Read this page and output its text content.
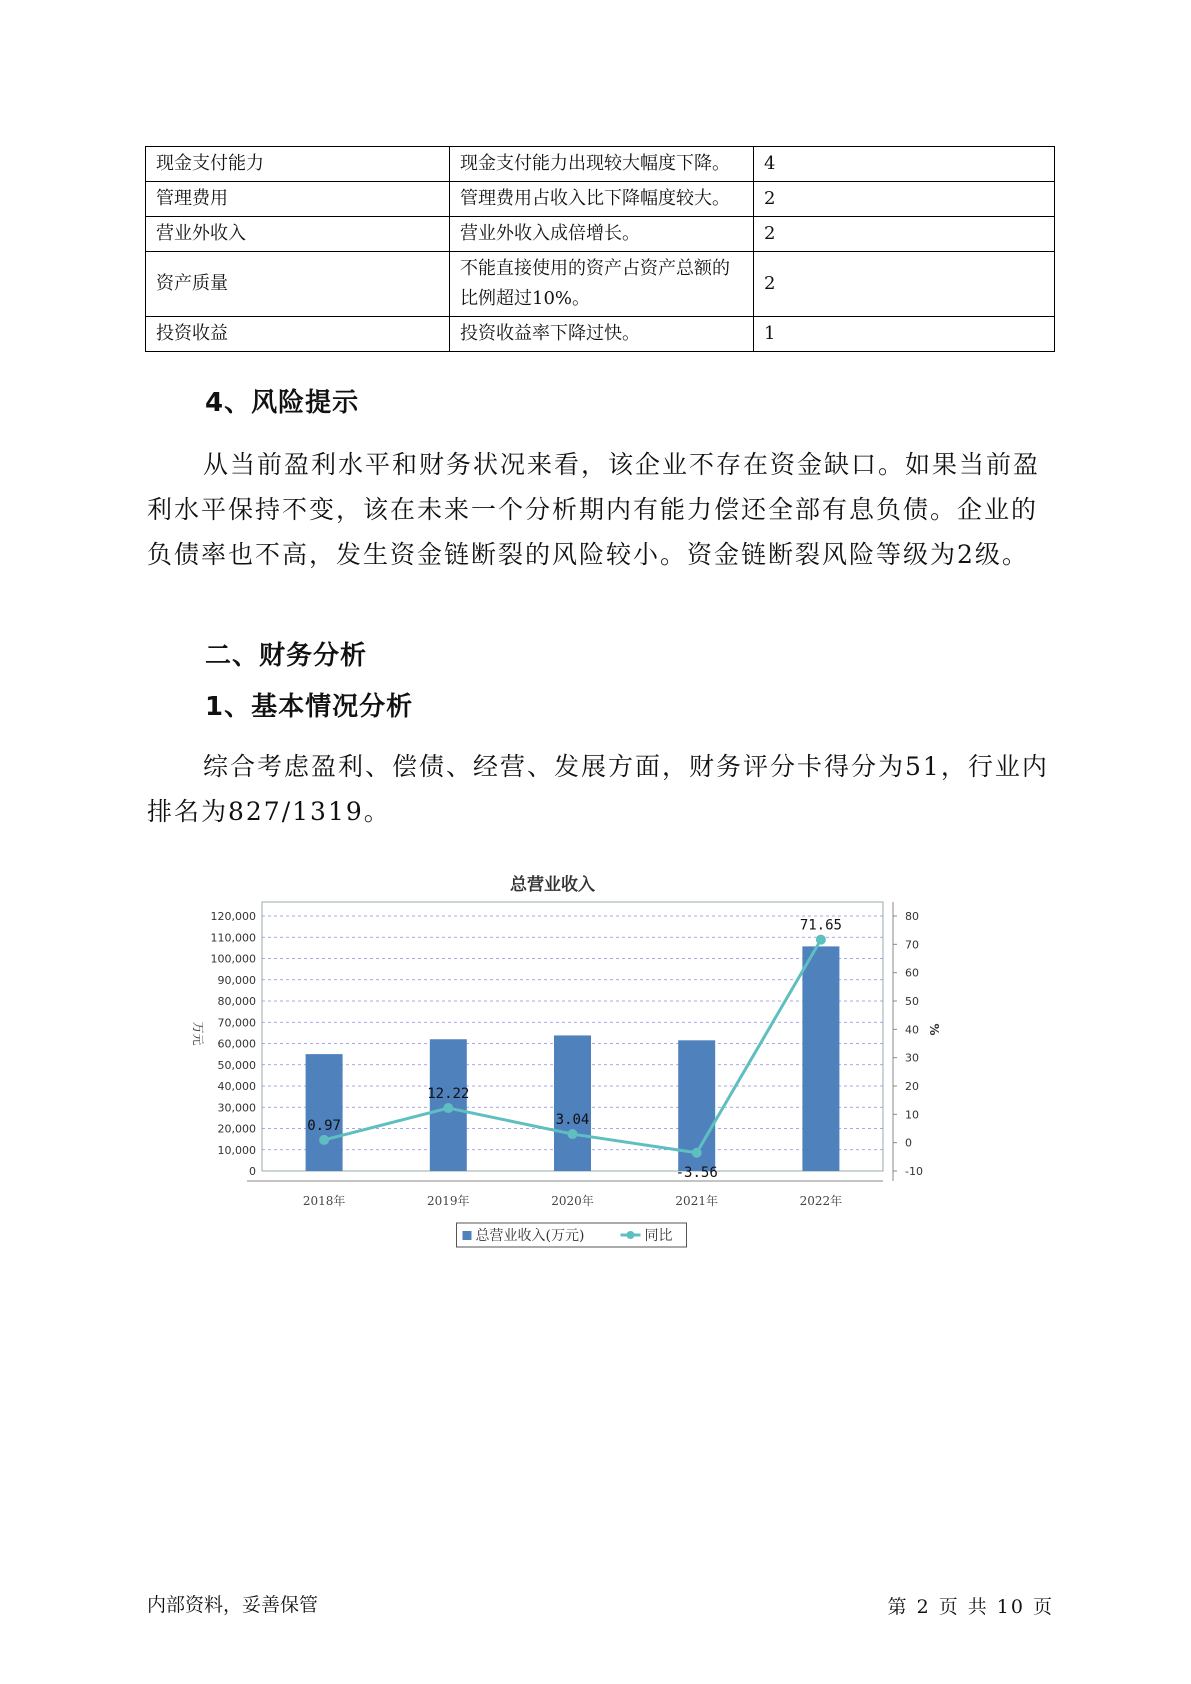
现金支付能力	现金支付能力出现较大幅度下降。	4
管理费用	管理费用占收入比下降幅度较大。	2
营业外收入	营业外收入成倍增长。	2
资产质量	不能直接使用的资产占资产总额的比例超过10%。	2
投资收益	投资收益率下降过快。	1
4、风险提示

从当前盈利水平和财务状况来看，该企业不存在资金缺口。如果当前盈利水平保持不变，该在未来一个分析期内有能力偿还全部有息负债。企业的负债率也不高，发生资金链断裂的风险较小。资金链断裂风险等级为2级。

二、财务分析
1、基本情况分析

综合考虑盈利、偿债、经营、发展方面，财务评分卡得分为51，行业内排名为827/1319。

总营业收入
0
10,000
20,000
30,000
40,000
50,000
60,000
70,000
80,000
90,000
100,000
110,000
120,000
-10
0
10
20
30
40
50
60
70
80
万元	%
2018年	2019年	2020年	2021年	2022年
0.97
12.22
3.04
-3.56
71.65
总营业收入(万元)	同比
内部资料，妥善保管	第 2 页 共 10 页
